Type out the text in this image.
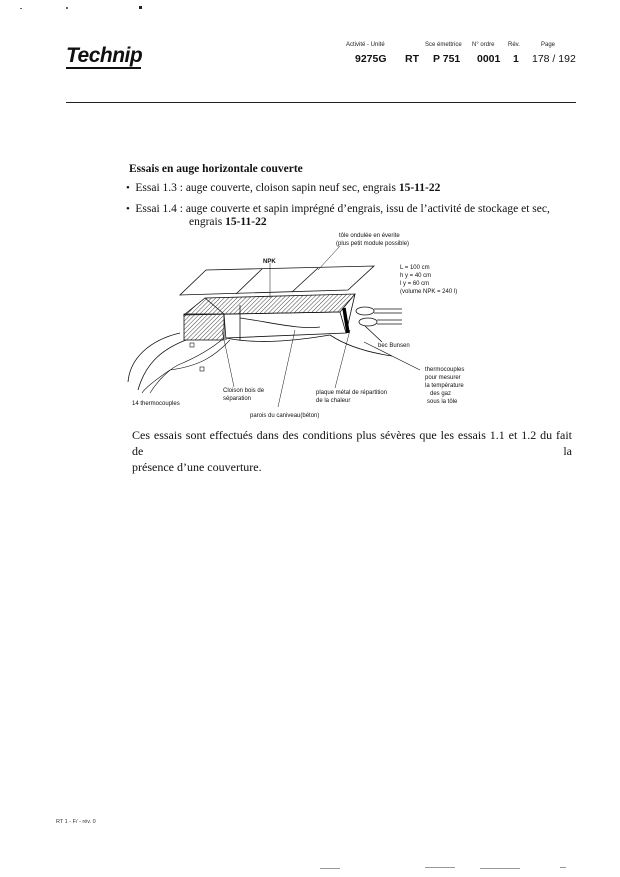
Technip	Activité - Unité	Sce émettrice N° ordre Rév.	Page
9275G RT P 751 0001 1 178 / 192
Essais en auge horizontale couverte
•  Essai 1.3 : auge couverte, cloison sapin neuf sec, engrais 15-11-22
•  Essai 1.4 : auge couverte et sapin imprégné d’engrais, issu de l’activité de stockage et sec,
engrais 15-11-22
tôle ondulée en éverite
(plus petit module possible)
NPK
L = 100 cm
h y = 40 cm
l y = 60 cm
(volume NPK = 240 l)
bec Bunsen
thermocouples
pour mesurer
la température
des gaz
sous la tôle
plaque métal de répartition
de la chaleur
Cloison bois de
séparation
14 thermocouples
parois du caniveau(béton)
Ces essais sont effectués dans des conditions plus sévères que les essais 1.1 et 1.2 du fait de la
présence d’une couverture.
RT 1 - F/ - rév. 0
